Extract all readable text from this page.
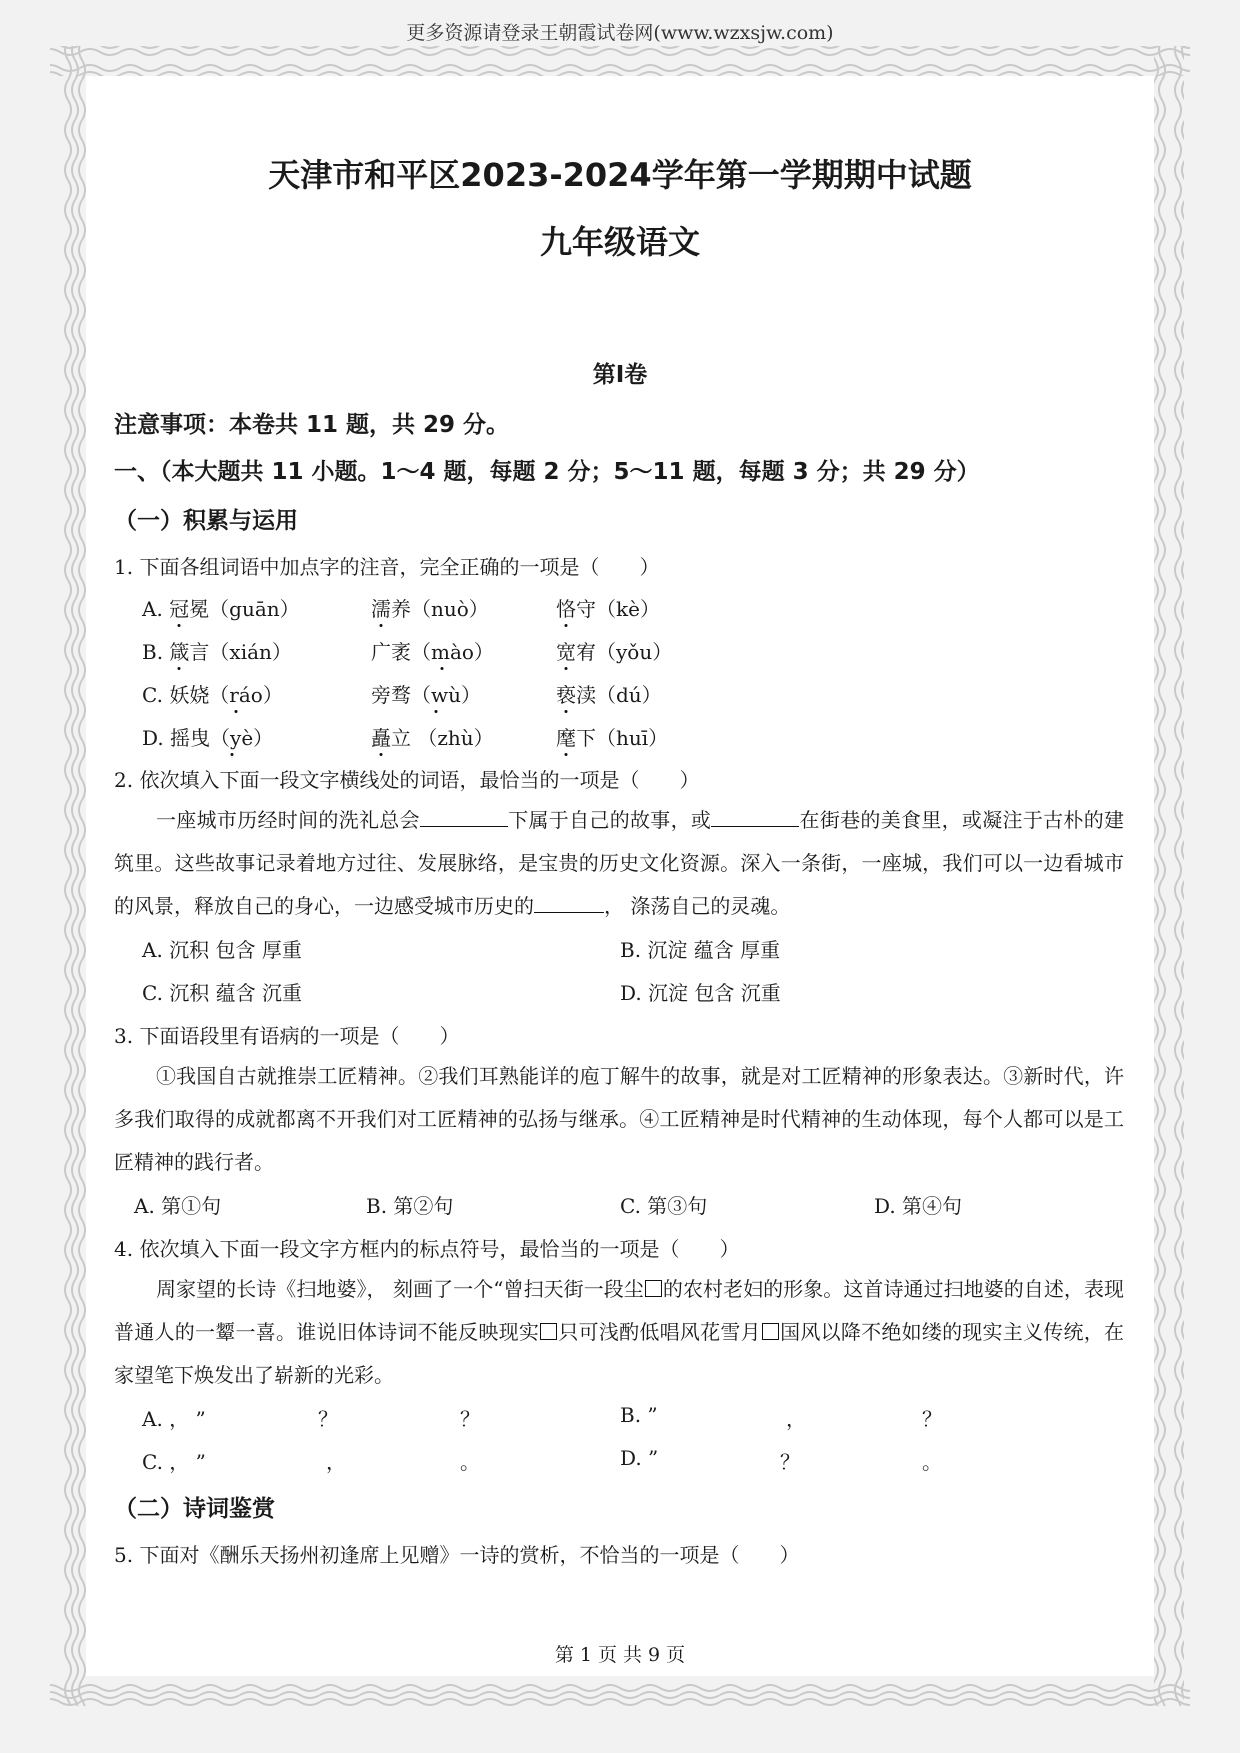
更多资源请登录王朝霞试卷网(www.wzxsjw.com)
天津市和平区2023-2024学年第一学期期中试题
九年级语文
第Ⅰ卷
注意事项：本卷共 11 题，共 29 分。
一、（本大题共 11 小题。1～4 题，每题 2 分；5～11 题，每题 3 分；共 29 分）
（一）积累与运用
1. 下面各组词语中加点字的注音，完全正确的一项是（　　）
A. 冠冕（guān）	濡养（nuò）	恪守（kè）
B. 箴言（xián）	广袤（mào）	宽宥（yǒu）
C. 妖娆（ráo）	旁骛（wù）	亵渎（dú）
D. 摇曳（yè）	矗立 （zhù）	麾下（huī）
2. 依次填入下面一段文字横线处的词语，最恰当的一项是（　　）
一座城市历经时间的洗礼总会	下属于自己的故事，或	在街巷的美食里，或凝注于古朴的建筑里。这些故事记录着地方过往、发展脉络，是宝贵的历史文化资源。深入一条街，一座城，我们可以一边看城市的风景，释放自己的身心，一边感受城市历史的	， 涤荡自己的灵魂。
A. 沉积 包含 厚重	B. 沉淀 蕴含 厚重
C. 沉积 蕴含 沉重	D. 沉淀 包含 沉重
3. 下面语段里有语病的一项是（　　）
①我国自古就推崇工匠精神。②我们耳熟能详的庖丁解牛的故事，就是对工匠精神的形象表达。③新时代，许多我们取得的成就都离不开我们对工匠精神的弘扬与继承。④工匠精神是时代精神的生动体现，每个人都可以是工匠精神的践行者。
A. 第①句	B. 第②句	C. 第③句	D. 第④句
4. 依次填入下面一段文字方框内的标点符号，最恰当的一项是（　　）
周家望的长诗《扫地婆》， 刻画了一个“曾扫天街一段尘 的农村老妇的形象。这首诗通过扫地婆的自述，表现普通人的一颦一喜。谁说旧体诗词不能反映现实 只可浅酌低唱风花雪月 国风以降不绝如缕的现实主义传统，在家望笔下焕发出了崭新的光彩。
A. ， ”	？	？	B. ”	，	？
C. ， ”	，	。	D. ”	？	。
（二）诗词鉴赏
5. 下面对《酬乐天扬州初逢席上见赠》一诗的赏析，不恰当的一项是（　　）
第 1 页 共 9 页
